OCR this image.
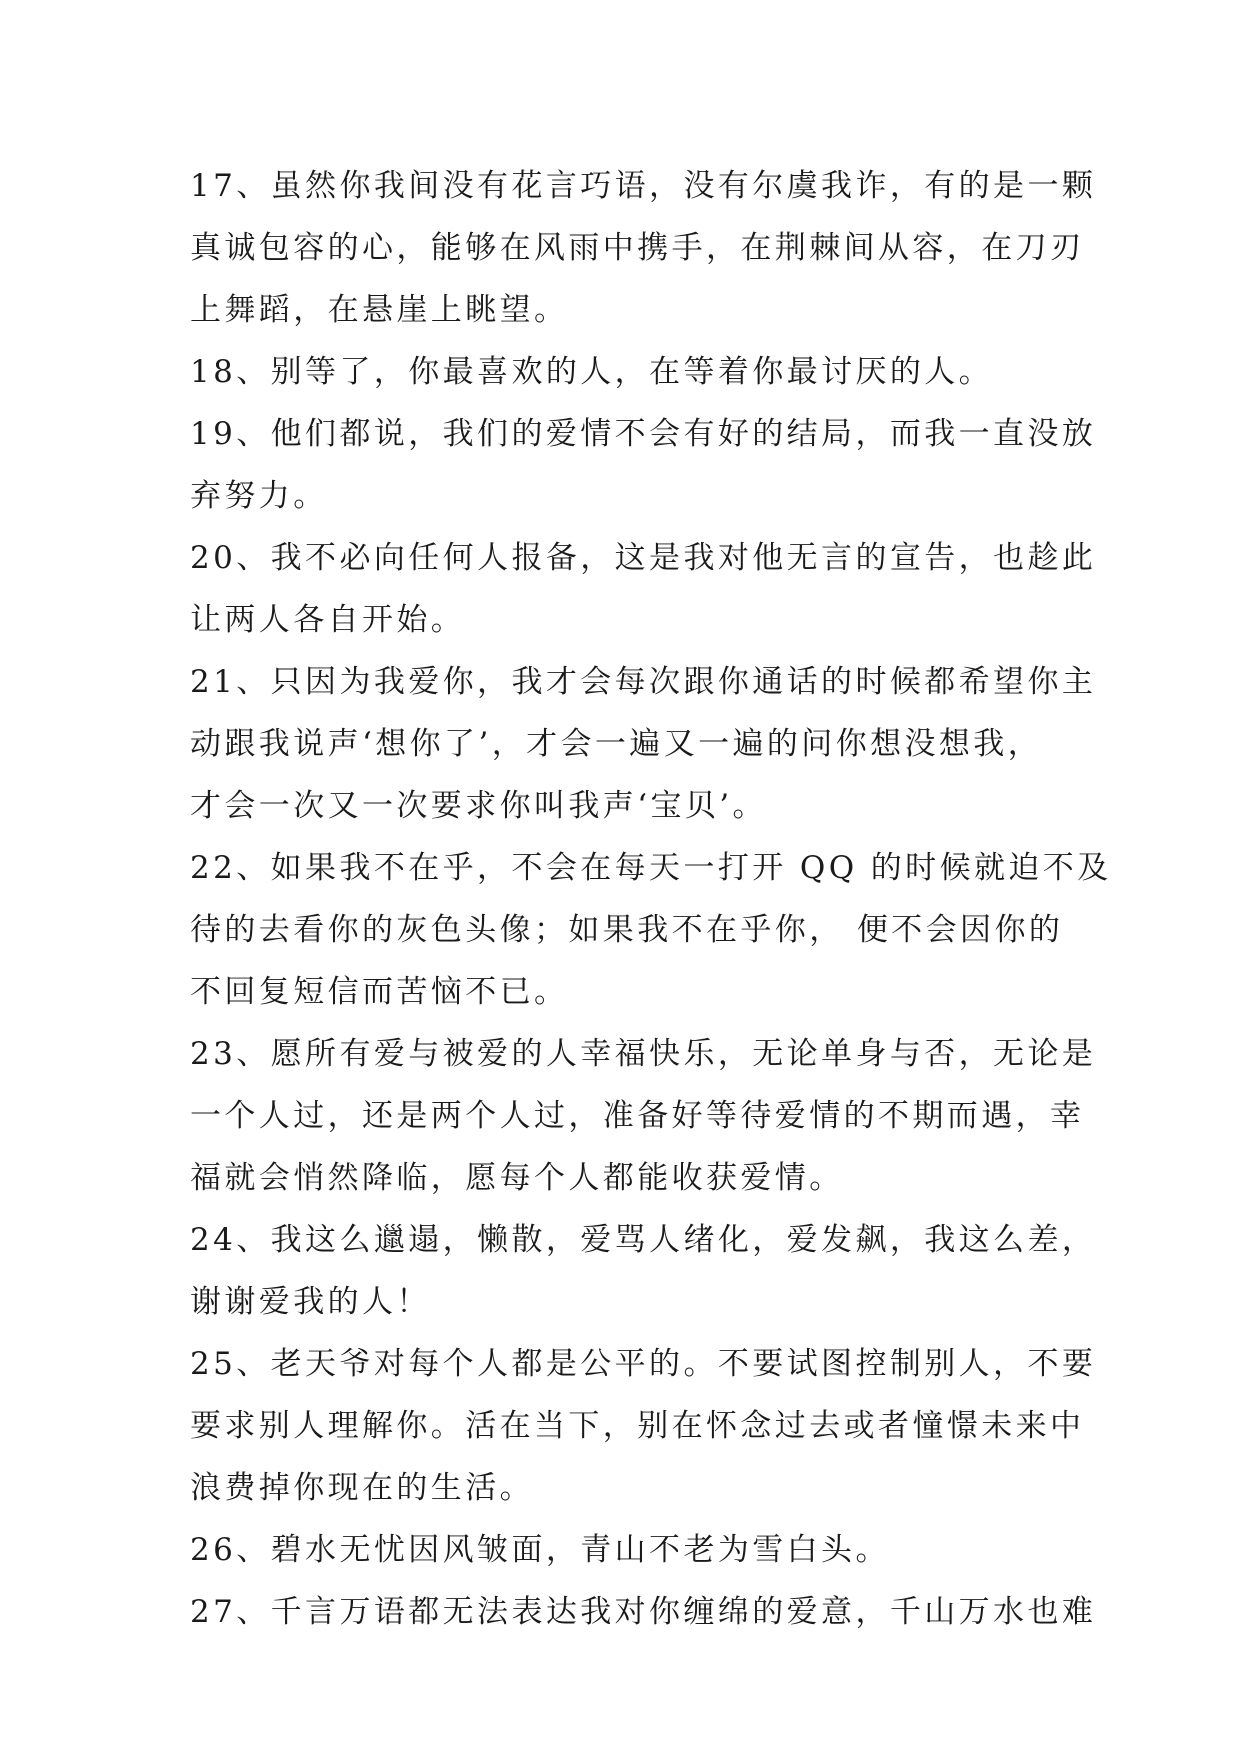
17、虽然你我间没有花言巧语，没有尔虞我诈，有的是一颗
真诚包容的心，能够在风雨中携手，在荆棘间从容，在刀刃
上舞蹈，在悬崖上眺望。
18、别等了，你最喜欢的人，在等着你最讨厌的人。
19、他们都说，我们的爱情不会有好的结局，而我一直没放
弃努力。
20、我不必向任何人报备，这是我对他无言的宣告，也趁此
让两人各自开始。
21、只因为我爱你，我才会每次跟你通话的时候都希望你主
动跟我说声‘想你了’，才会一遍又一遍的问你想没想我，
才会一次又一次要求你叫我声‘宝贝’。
22、如果我不在乎，不会在每天一打开 QQ 的时候就迫不及
待的去看你的灰色头像；如果我不在乎你， 便不会因你的
不回复短信而苦恼不已。
23、愿所有爱与被爱的人幸福快乐，无论单身与否，无论是
一个人过，还是两个人过，准备好等待爱情的不期而遇，幸
福就会悄然降临，愿每个人都能收获爱情。
24、我这么邋遢，懒散，爱骂人绪化，爱发飙，我这么差，
谢谢爱我的人！
25、老天爷对每个人都是公平的。不要试图控制别人，不要
要求别人理解你。活在当下，别在怀念过去或者憧憬未来中
浪费掉你现在的生活。
26、碧水无忧因风皱面，青山不老为雪白头。
27、千言万语都无法表达我对你缠绵的爱意，千山万水也难
